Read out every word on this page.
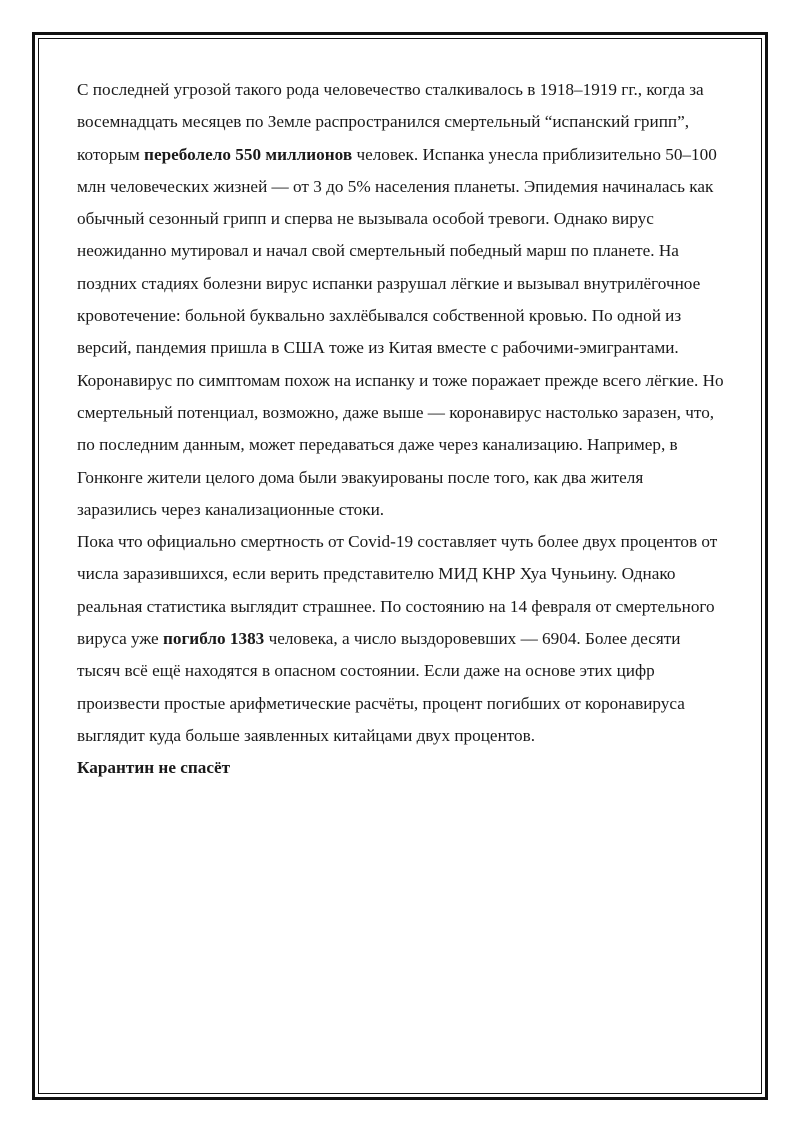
С последней угрозой такого рода человечество сталкивалось в 1918–1919 гг., когда за восемнадцать месяцев по Земле распространился смертельный “испанский грипп”, которым переболело 550 миллионов человек. Испанка унесла приблизительно 50–100 млн человеческих жизней — от 3 до 5% населения планеты. Эпидемия начиналась как обычный сезонный грипп и сперва не вызывала особой тревоги. Однако вирус неожиданно мутировал и начал свой смертельный победный марш по планете. На поздних стадиях болезни вирус испанки разрушал лёгкие и вызывал внутрилёгочное кровотечение: больной буквально захлёбывался собственной кровью. По одной из версий, пандемия пришла в США тоже из Китая вместе с рабочими-эмигрантами.

Коронавирус по симптомам похож на испанку и тоже поражает прежде всего лёгкие. Но смертельный потенциал, возможно, даже выше — коронавирус настолько заразен, что, по последним данным, может передаваться даже через канализацию. Например, в Гонконге жители целого дома были эвакуированы после того, как два жителя заразились через канализационные стоки.

Пока что официально смертность от Covid-19 составляет чуть более двух процентов от числа заразившихся, если верить представителю МИД КНР Хуа Чуньину. Однако реальная статистика выглядит страшнее. По состоянию на 14 февраля от смертельного вируса уже погибло 1383 человека, а число выздоровевших — 6904. Более десяти тысяч всё ещё находятся в опасном состоянии. Если даже на основе этих цифр произвести простые арифметические расчёты, процент погибших от коронавируса выглядит куда больше заявленных китайцами двух процентов.

Карантин не спасёт
